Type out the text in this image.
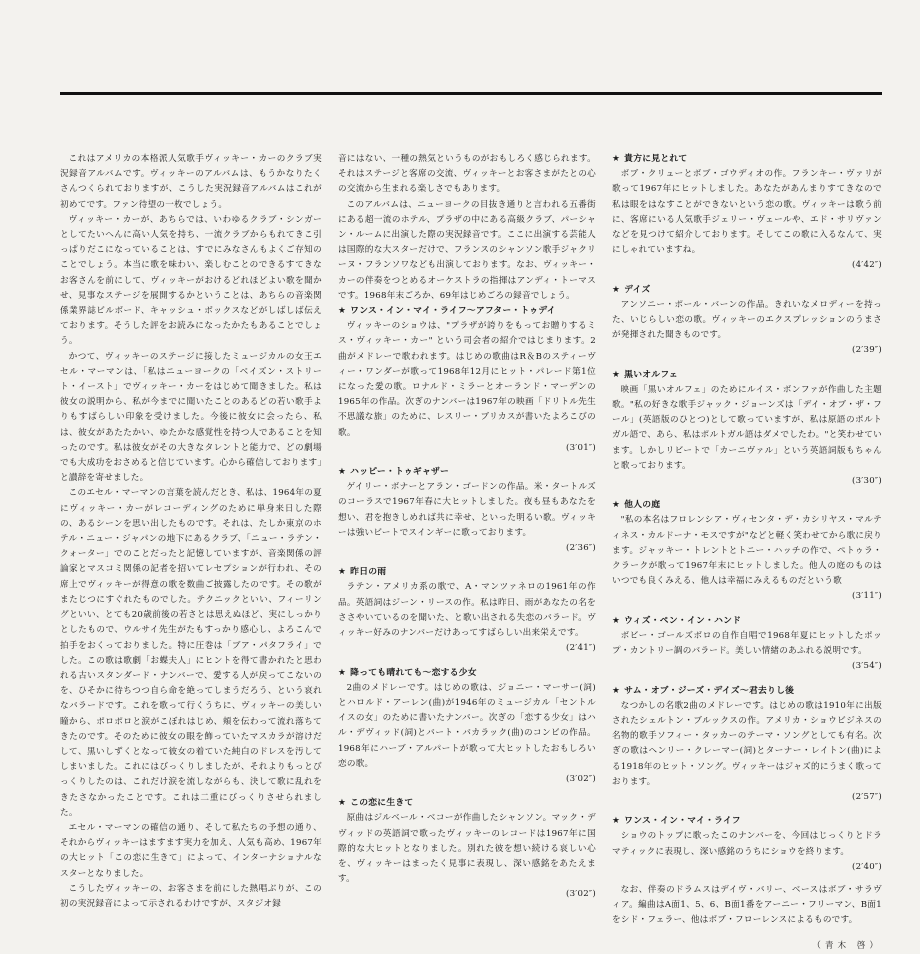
これはアメリカの本格派人気歌手ヴィッキー・カーのクラブ実況録音アルバムです。ヴィッキーのアルバムは、もうかなりたくさんつくられておりますが、こうした実況録音アルバムはこれが初めてです。ファン待望の一枚でしょう。

ヴィッキー・カーが、あちらでは、いわゆるクラブ・シンガーとしてたいへんに高い人気を持ち、一流クラブからもれてきこ引っぱりだこになっていることは、すでにみなさんもよくご存知のことでしょう。本当に歌を味わい、楽しむことのできるすてきなお客さんを前にして、ヴィッキーがおけるどれほどよい歌を聞かせ、見事なステージを展開するかということは、あちらの音楽関係業界誌ビルボード、キャッシュ・ボックスなどがしばしば伝えております。そうした評をお読みになったかたもあることでしょう。

かつて、ヴィッキーのステージに接したミュージカルの女王エセル・マーマンは、「私はニューヨークの「ベイズン・ストリート・イースト」でヴィッキー・カーをはじめて聞きました。私は彼女の説明から、私が今までに聞いたことのあるどの若い歌手よりもすばらしい印象を受けました。今後に彼女に会ったら、私は、彼女があたたかい、ゆたかな感覚性を持つ人であることを知ったのです。私は彼女がその大きなタレントと能力で、どの劇場でも大成功をおさめると信じています。心から確信しております」と讃辞を寄せました。

このエセル・マーマンの言葉を読んだとき、私は、1964年の夏にヴィッキー・カーがレコーディングのために単身来日した際の、あるシーンを思い出したものです。それは、たしか東京のホテル・ニュー・ジャパンの地下にあるクラブ、「ニュー・ラテン・クォーター」でのことだったと記憶していますが、音楽関係の評論家とマスコミ関係の記者を招いてレセプションが行われ、その席上でヴィッキーが得意の歌を数曲ご披露したのです。その歌がまたじつにすぐれたものでした。テクニックといい、フィーリングといい、とても20歳前後の若さとは思えぬほど、実にしっかりとしたもので、ウルサイ先生がたもすっかり感心し、よろこんで拍手をおくっておりました。特に圧巻は「ブア・パタフライ」でした。この歌は歌劇「お蝶夫人」にヒントを得て書かれたと思われる古いスタンダード・ナンバーで、愛する人が戻ってこないのを、ひそかに待ちつつ自ら命を絶ってしまうだろう、という哀れなバラードです。これを歌って行くうちに、ヴィッキーの美しい瞳から、ポロポロと涙がこぼれはじめ、頬を伝わって流れ落ちてきたのです。そのために彼女の眼を飾っていたマスカラが溶けだして、黒いしずくとなって彼女の着ていた純白のドレスを汚してしまいました。これにはびっくりしましたが、それよりもっとびっくりしたのは、これだけ涙を流しながらも、決して歌に乱れをきたさなかったことです。これは二重にびっくりさせられました。

エセル・マーマンの確信の通り、そして私たちの予想の通り、それからヴィッキーはますます実力を加え、人気も高め、1967年の大ヒット「この恋に生きて」によって、インターナショナルなスターとなりました。

こうしたヴィッキーの、お客さまを前にした熱唱ぶりが、この初の実況録音によって示されるわけですが、スタジオ録

音にはない、一種の熱気というものがおもしろく感じられます。それはステージと客席の交流、ヴィッキーとお客さまがたとの心の交流から生まれる楽しさでもあります。

このアルバムは、ニューヨークの目抜き通りと言われる五番街にある超一流のホテル、プラザの中にある高級クラブ、パーシャン・ルームに出演した際の実況録音です。ここに出演する芸能人は国際的な大スターだけで、フランスのシャンソン歌手ジャクリーヌ・フランソワなども出演しております。なお、ヴィッキー・カーの伴奏をつとめるオーケストラの指揮はアンディ・トーマスです。1968年末ごろか、69年はじめごろの録音でしょう。

★ ワンス・イン・マイ・ライフ〜アフター・トゥデイ

ヴィッキーのショウは、"プラザが誇りをもってお贈りするミス・ヴィッキー・カー" という司会者の紹介ではじまります。2曲がメドレーで歌われます。はじめの歌曲はR＆Bのスティーヴィー・ワンダーが歌って1968年12月にヒット・パレード第1位になった愛の歌。ロナルド・ミラーとオーランド・マーデンの1965年の作品。次ぎのナンバーは1967年の映画「ドリトル先生不思議な旅」のために、レスリー・ブリカスが書いたよろこびの歌。

(3′01″)
★ ハッピー・トゥギャザー

ゲイリー・ボナーとアラン・ゴードンの作品。米・タートルズのコーラスで1967年春に大ヒットしました。夜も昼もあなたを想い、君を抱きしめれば共に幸せ、といった明るい歌。ヴィッキーは強いビートでスインギーに歌っております。

(2′36″)
★ 昨日の雨

ラテン・アメリカ系の歌で、A・マンツァネロの1961年の作品。英語詞はジーン・リースの作。私は昨日、雨があなたの名をささやいているのを聞いた、と歌い出される失恋のバラード。ヴィッキー好みのナンバーだけあってすばらしい出来栄えです。

(2′41″)
★ 降っても晴れても〜恋する少女

2曲のメドレーです。はじめの歌は、ジョニー・マーサー(詞)とハロルド・アーレン(曲)が1946年のミュージカル「セントルイスの女」のために書いたナンバー。次ぎの「恋する少女」はハル・デヴィッド(詞)とバート・バカラック(曲)のコンビの作品。1968年にハーブ・アルパートが歌って大ヒットしたおもしろい恋の歌。

(3′02″)
★ この恋に生きて

原曲はジルベール・ベコーが作曲したシャンソン。マック・デヴィッドの英語詞で歌ったヴィッキーのレコードは1967年に国際的な大ヒットとなりました。別れた彼を想い続ける哀しい心を、ヴィッキーはまったく見事に表現し、深い感銘をあたえます。

(3′02″)
★ 貴方に見とれて

ボブ・クリューとボブ・ゴウディオの作。フランキー・ヴァリが歌って1967年にヒットしました。あなたがあんまりすてきなので私は眼をはなすことができないという恋の歌。ヴィッキーは歌う前に、客席にいる人気歌手ジェリー・ヴェールや、エド・サリヴァンなどを見つけて紹介しております。そしてこの歌に入るなんて、実にしゃれていますね。

(4′42″)
★ デイズ

アンソニー・ポール・バーンの作品。きれいなメロディーを持った、いじらしい恋の歌。ヴィッキーのエクスプレッションのうまさが発揮された聞きものです。

(2′39″)
★ 黒いオルフェ

映画「黒いオルフェ」のためにルイス・ボンファが作曲した主題歌。"私の好きな歌手ジャック・ジョーンズは「デイ・オブ・ザ・フール」(英語版のひとつ)として歌っていますが、私は原語のポルトガル語で、あら、私はポルトガル語はダメでしたわ。"と笑わせています。しかしリビートで「カーニヴァル」という英語詞版もちゃんと歌っております。

(3′30″)
★ 他人の庭

"私の本名はフロレンシア・ヴィセンタ・デ・カシリヤス・マルティネス・カルドーナ・モスですが"などと軽く笑わせてから歌に戻ります。ジャッキー・トレントとトニー・ハッチの作で、ペトゥラ・クラークが歌って1967年末にヒットしました。他人の庭のものはいつでも良くみえる、他人は幸福にみえるものだという歌

(3′11″)
★ ウィズ・ペン・イン・ハンド

ボビー・ゴールズボロの自作自唱で1968年夏にヒットしたポップ・カントリー調のバラード。美しい情緒のあふれる説明です。

(3′54″)
★ サム・オブ・ジーズ・デイズ〜君去りし後

なつかしの名歌2曲のメドレーです。はじめの歌は1910年に出版されたシェルトン・ブルックスの作。アメリカ・ショウビジネスの名物的歌手ソフィー・タッカーのテーマ・ソングとしても有名。次ぎの歌はヘンリー・クレーマー(詞)とターナー・レイトン(曲)による1918年のヒット・ソング。ヴィッキーはジャズ的にうまく歌っております。

(2′57″)
★ ワンス・イン・マイ・ライフ

ショウのトップに歌ったこのナンバーを、今回はじっくりとドラマティックに表現し、深い感銘のうちにショウを終ります。

(2′40″)

なお、伴奏のドラムスはデイヴ・バリー、ベースはボブ・サラヴィア。編曲はA面1、5、6、B面1番をアーニー・フリーマン、B面1をシド・フェラー、他はボブ・フローレンスによるものです。

（青木 啓）
